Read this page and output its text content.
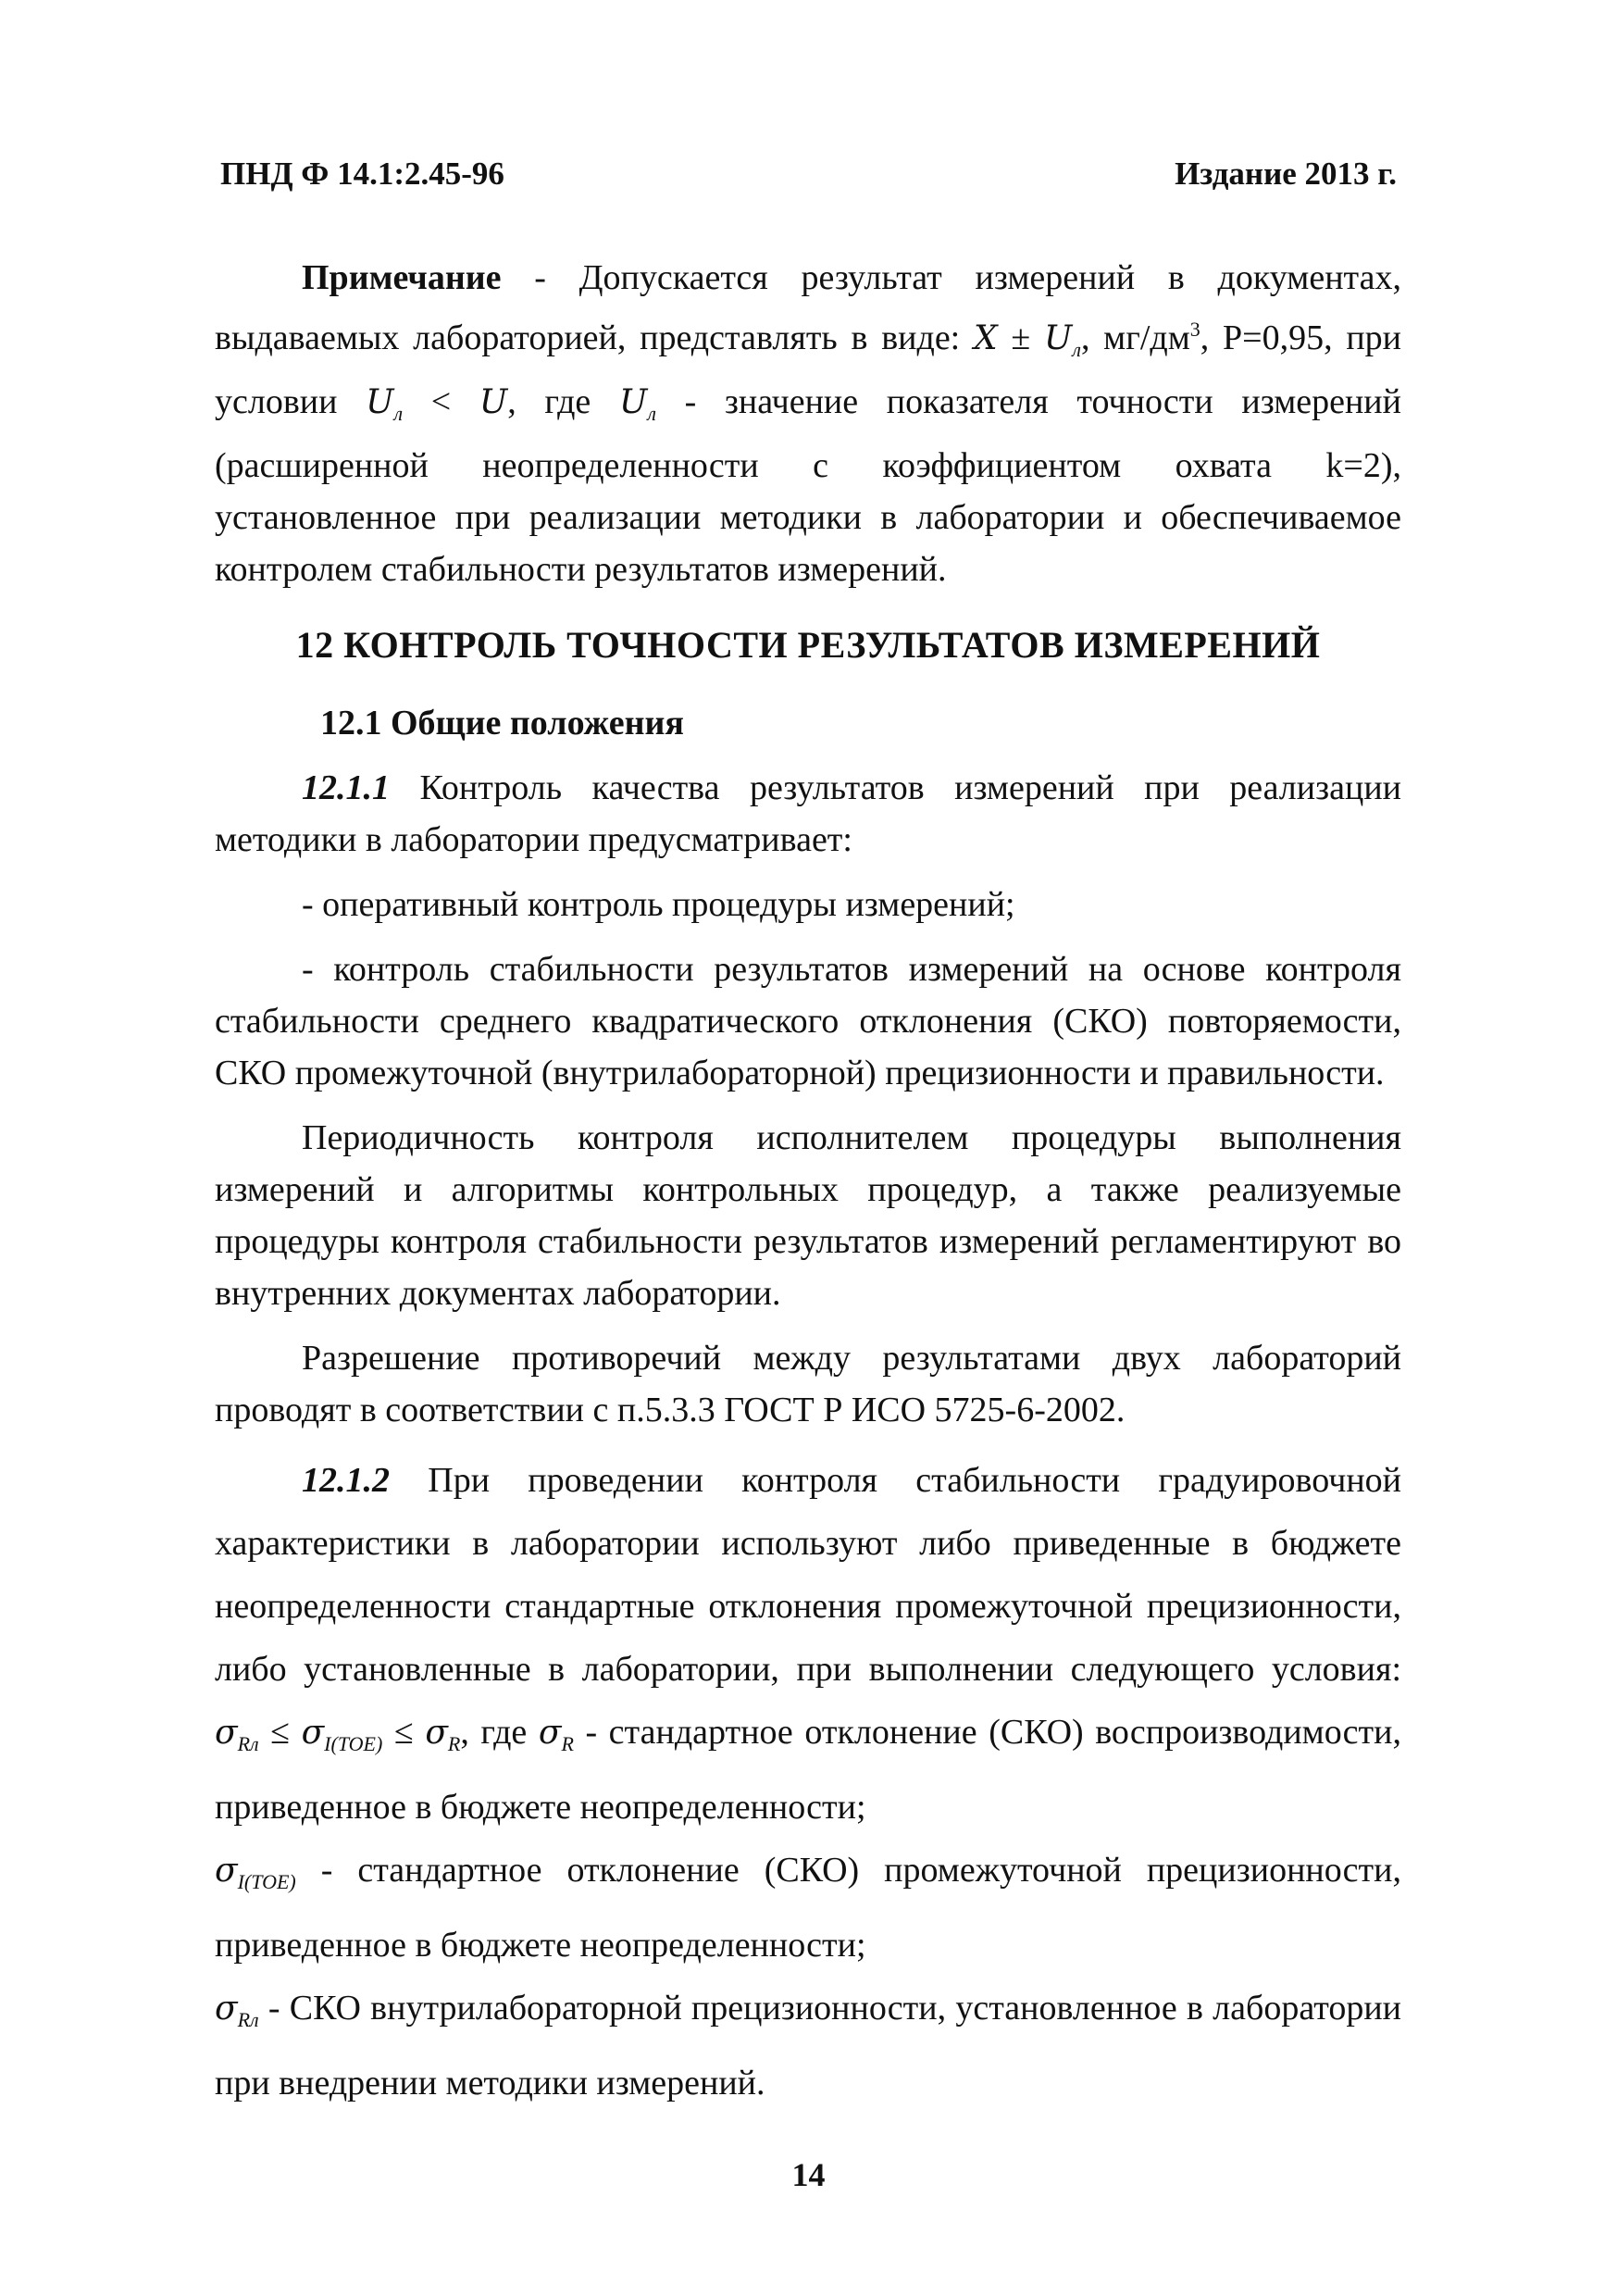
ПНД Ф 14.1:2.45-96	Издание 2013 г.

Примечание - Допускается результат измерений в документах, выдаваемых лабораторией, представлять в виде: $X \pm U_л$, $мг/дм^3$, P=0,95, при условии $U_л < U$, где $U_л$ - значение показателя точности измерений (расширенной неопределенности с коэффициентом охвата k=2), установленное при реализации методики в лаборатории и обеспечиваемое контролем стабильности результатов измерений.

12 КОНТРОЛЬ ТОЧНОСТИ РЕЗУЛЬТАТОВ ИЗМЕРЕНИЙ

12.1 Общие положения

12.1.1 Контроль качества результатов измерений при реализации методики в лаборатории предусматривает:

- оперативный контроль процедуры измерений;

- контроль стабильности результатов измерений на основе контроля стабильности среднего квадратического отклонения (СКО) повторяемости, СКО промежуточной (внутрилабораторной) прецизионности и правильности.

Периодичность контроля исполнителем процедуры выполнения измерений и алгоритмы контрольных процедур, а также реализуемые процедуры контроля стабильности результатов измерений регламентируют во внутренних документах лаборатории.

Разрешение противоречий между результатами двух лабораторий проводят в соответствии с п.5.3.3 ГОСТ Р ИСО 5725-6-2002.

12.1.2 При проведении контроля стабильности градуировочной характеристики в лаборатории используют либо приведенные в бюджете неопределенности стандартные отклонения промежуточной прецизионности, либо установленные в лаборатории, при выполнении следующего условия: $\sigma_{Rл} \le \sigma_{I(TOE)} \le \sigma_R$, где $\sigma_R$ - стандартное отклонение (СКО) воспроизводимости, приведенное в бюджете неопределенности;

$\sigma_{I(TOE)}$ - стандартное отклонение (СКО) промежуточной прецизионности, приведенное в бюджете неопределенности;

$\sigma_{Rл}$ - СКО внутрилабораторной прецизионности, установленное в лаборатории при внедрении методики измерений.

14
